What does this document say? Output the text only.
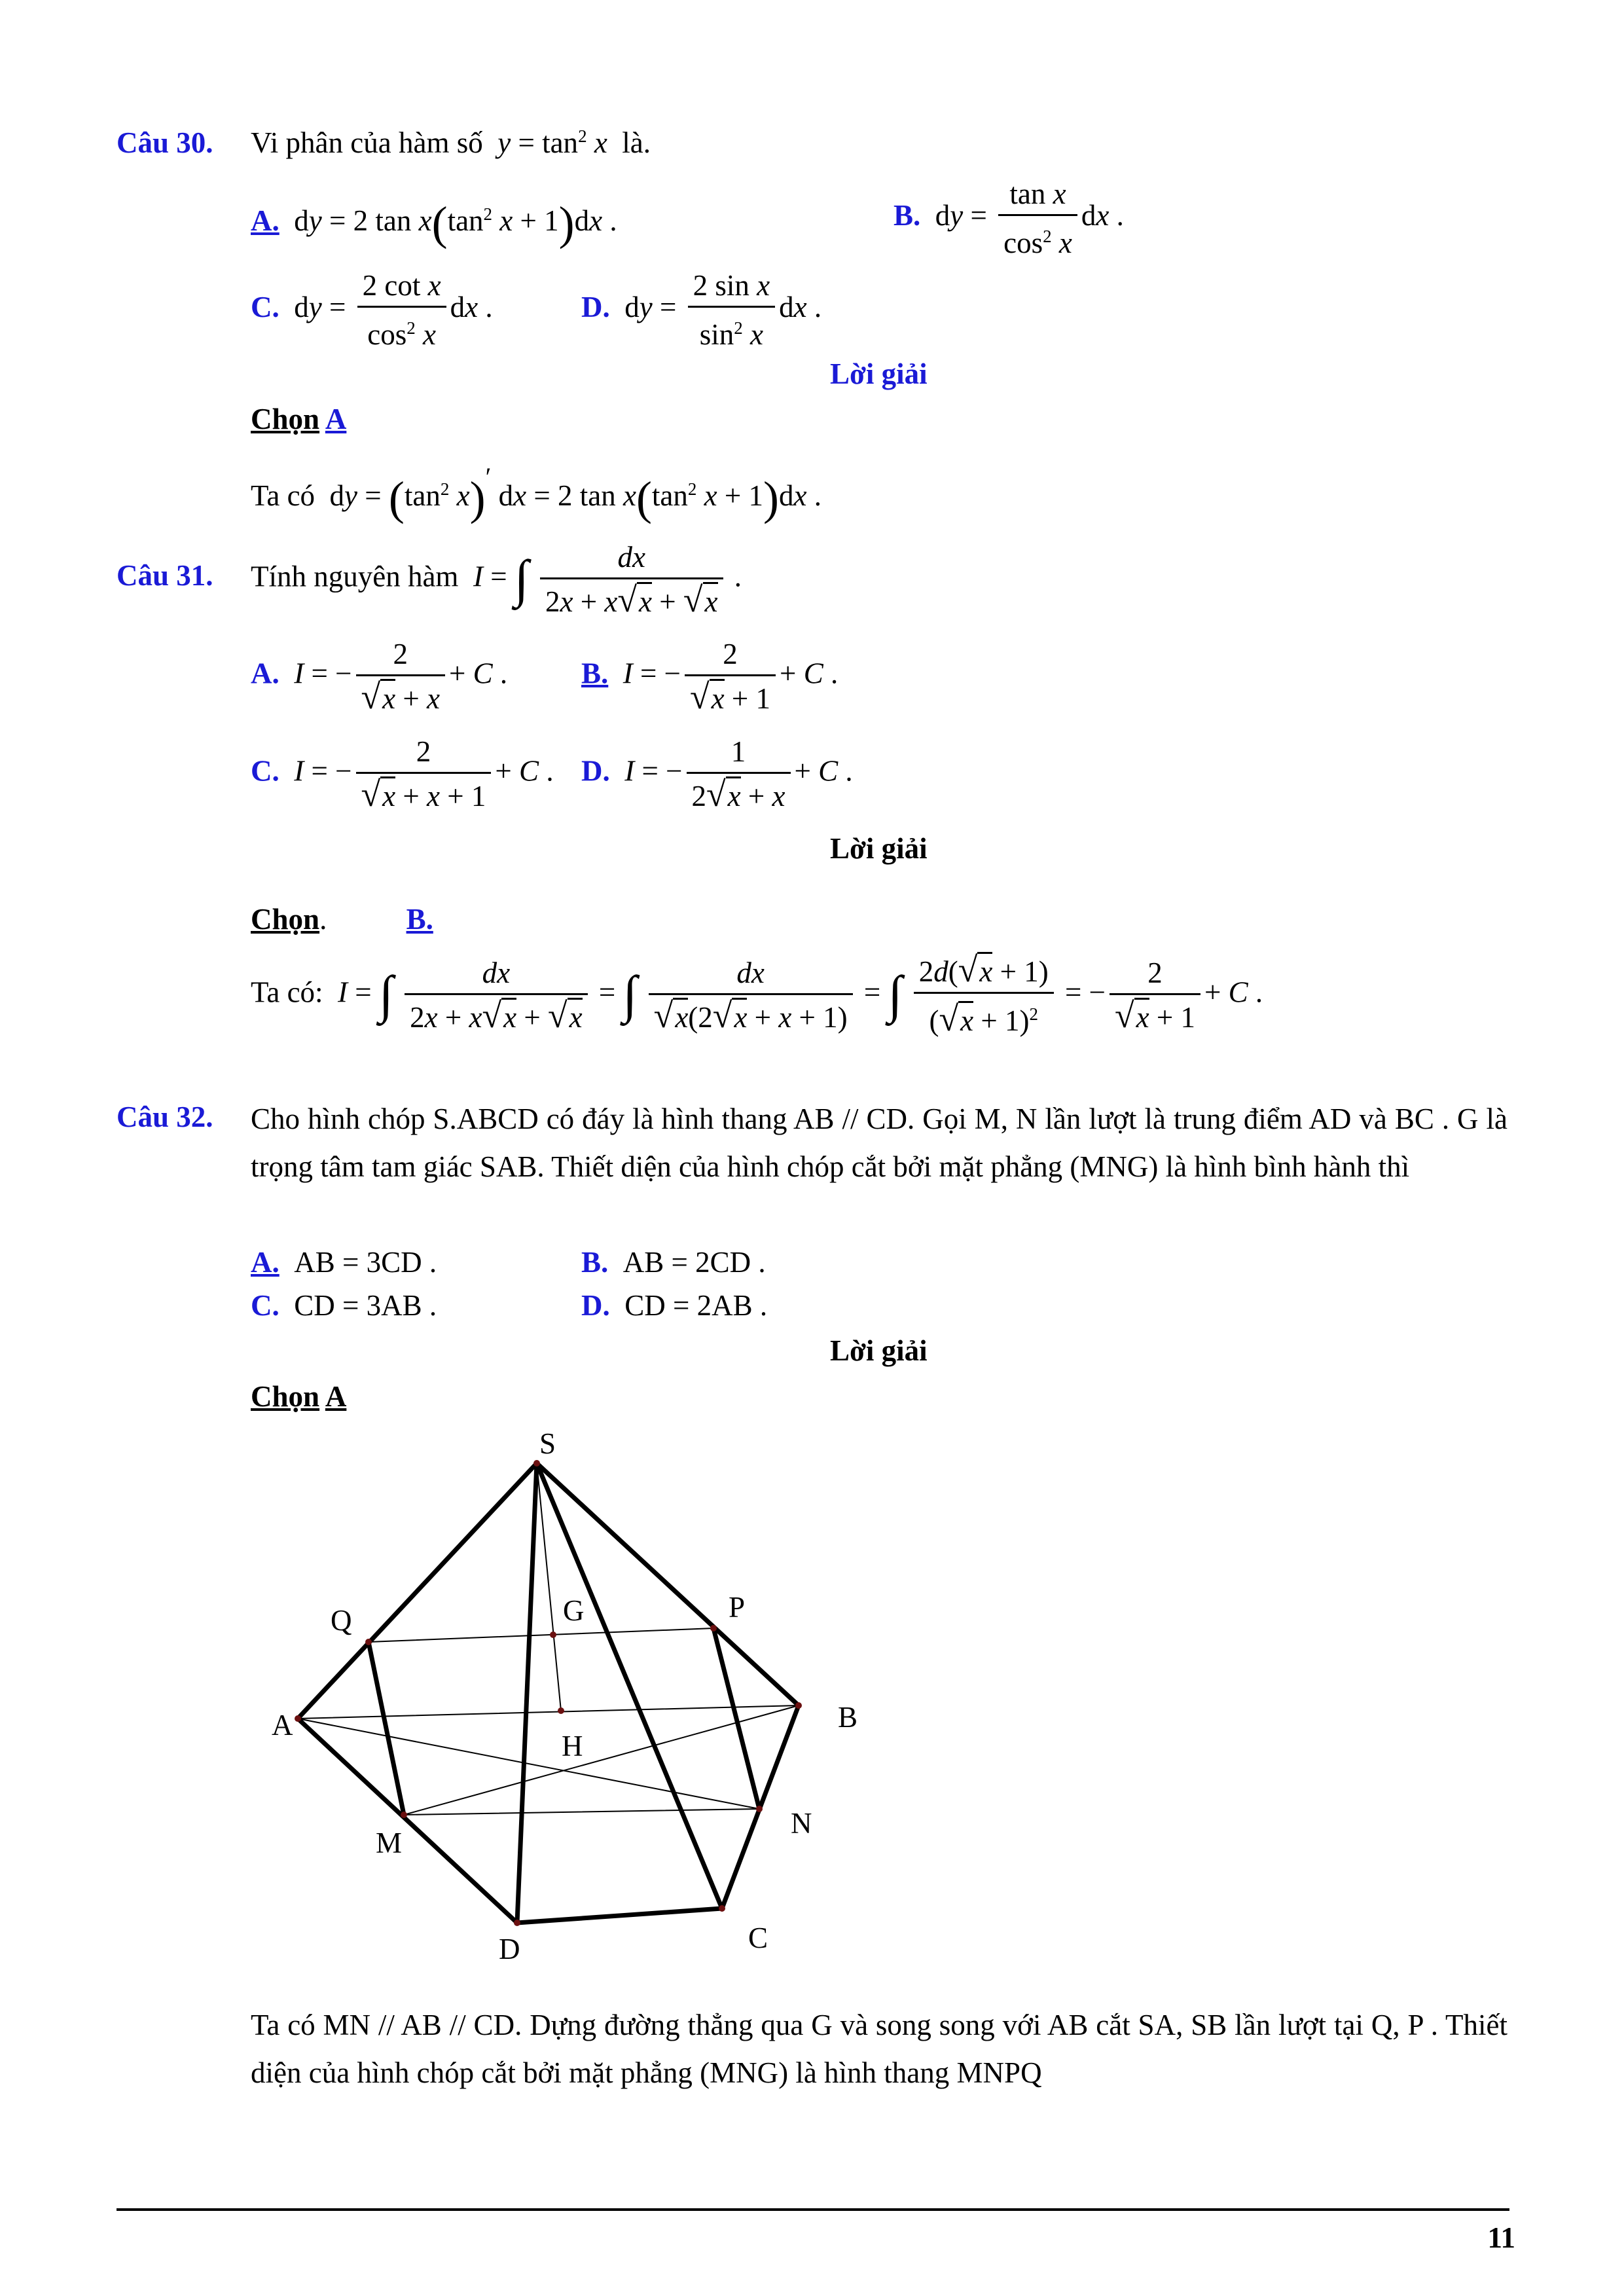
Câu 30. Vi phân của hàm số $y = \tan^2 x$ là.
A.  dy = 2 $\tan x(\tan^2$ x + 1)dx .	B.  dy = $\frac{\text{tan x}}{\cos^2 x}$ dx .
C.  dy = $\frac{\text{2 cot x}}{\cos^2 x}$ dx .	D.  dy = $\frac{\text{2 sin x}}{\sin^2 x}$ dx .
Lời giải
Chọn A
Ta có  dy = ($\tan^2$ x)′ dx = 2 $\tan x(\tan^2$ x + 1)dx .
Câu 31. Tính nguyên hàm I = ∫ $\frac{dx}{2x + x√x + √x}$ .
A. I = − $\frac{2}{√x + x} + C$ .	B. I = − $\frac{2}{√x + 1} + C$ .
C. I = − $\frac{2}{√x + x + 1} + C$ . D. I = − $\frac{1}{2√x + x} + C$ .
Lời giải
Chọn.	B.
Ta có: I = ∫ $\frac{dx}{2x + x√x + √x}$ = ∫ $\frac{dx}{√x(2√x + x + 1)}$ = ∫ $\frac{2d(√x + 1)}{(√x + 1)^2}$ = − $\frac{2}{√x + 1} + C$ .
Câu 32. Cho hình chóp S.ABCD có đáy là hình thang AB // CD. Gọi M, N lần lượt là trung điểm AD và BC . G là trọng tâm tam giác SAB. Thiết diện của hình chóp cắt bởi mặt phẳng (MNG) là hình bình hành thì
A. AB = 3CD .	B. AB = 2CD .
C. CD = 3AB .	D. CD = 2AB .
Lời giải
Chọn A
S
G	P
Q
A	B
H
N
M
D	C
Ta có MN // AB // CD. Dựng đường thẳng qua G và song song với AB cắt SA, SB lần lượt tại Q, P . Thiết diện của hình chóp cắt bởi mặt phẳng (MNG) là hình thang MNPQ
11
